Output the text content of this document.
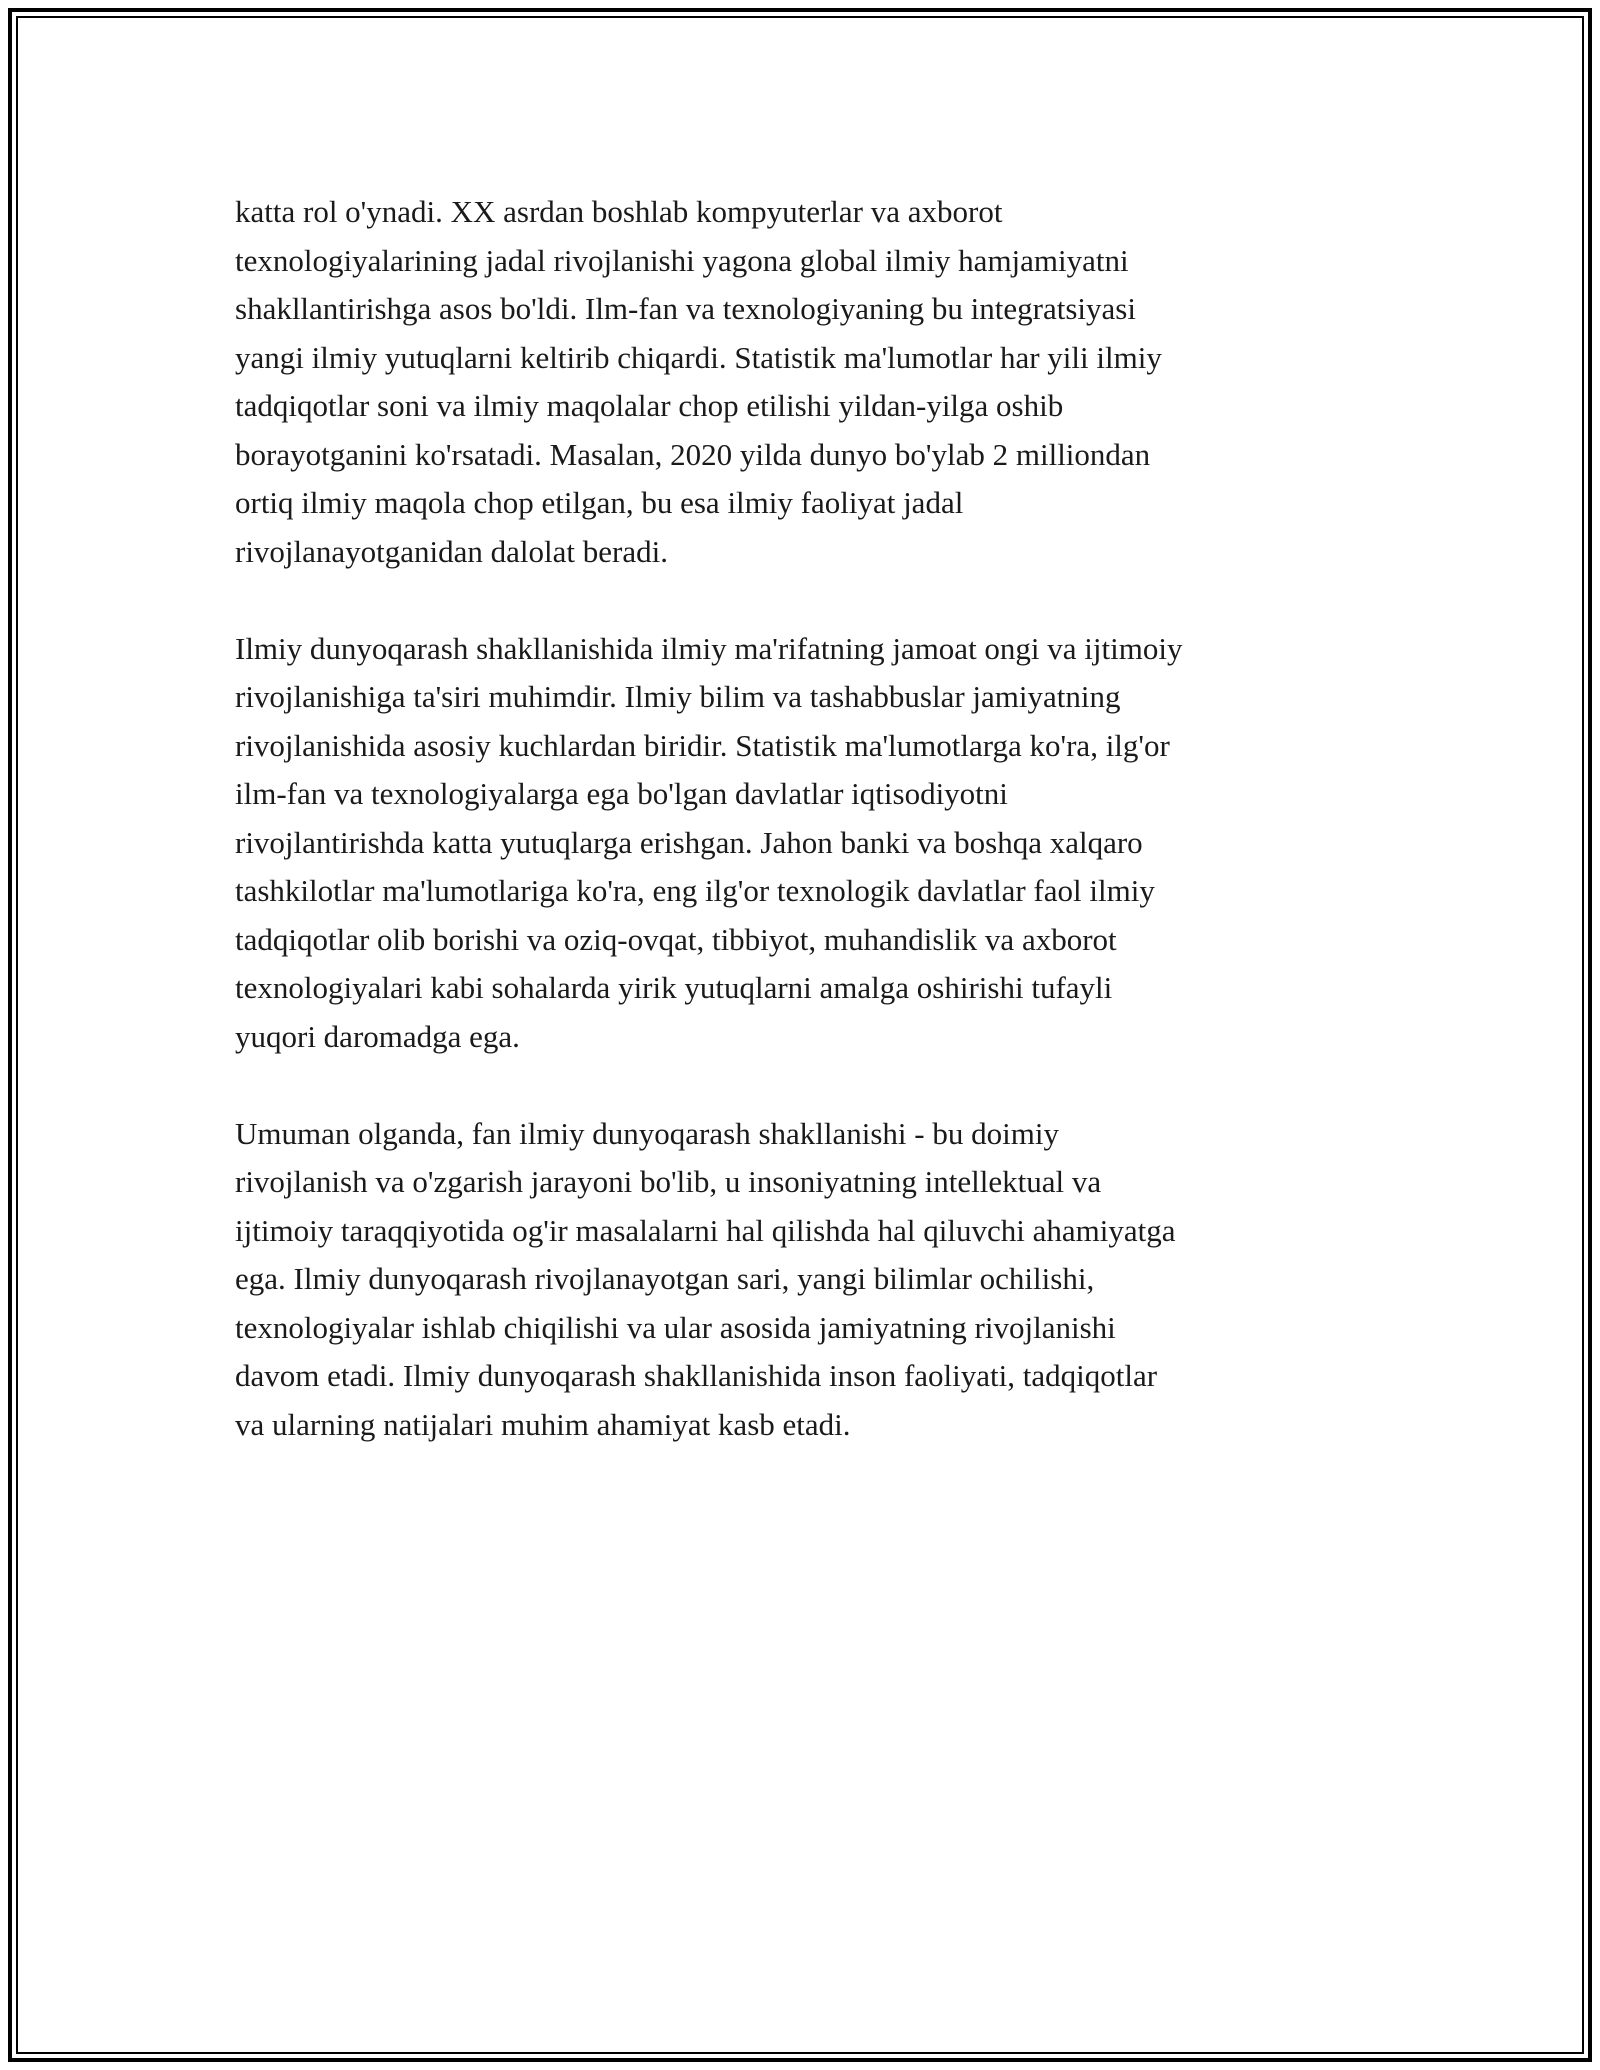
katta rol o'ynadi. XX asrdan boshlab kompyuterlar va axborot
texnologiyalarining jadal rivojlanishi yagona global ilmiy hamjamiyatni
shakllantirishga asos bo'ldi. Ilm-fan va texnologiyaning bu integratsiyasi
yangi ilmiy yutuqlarni keltirib chiqardi. Statistik ma'lumotlar har yili ilmiy
tadqiqotlar soni va ilmiy maqolalar chop etilishi yildan-yilga oshib
borayotganini ko'rsatadi. Masalan, 2020 yilda dunyo bo'ylab 2 milliondan
ortiq ilmiy maqola chop etilgan, bu esa ilmiy faoliyat jadal
rivojlanayotganidan dalolat beradi.
Ilmiy dunyoqarash shakllanishida ilmiy ma'rifatning jamoat ongi va ijtimoiy
rivojlanishiga ta'siri muhimdir. Ilmiy bilim va tashabbuslar jamiyatning
rivojlanishida asosiy kuchlardan biridir. Statistik ma'lumotlarga ko'ra, ilg'or
ilm-fan va texnologiyalarga ega bo'lgan davlatlar iqtisodiyotni
rivojlantirishda katta yutuqlarga erishgan. Jahon banki va boshqa xalqaro
tashkilotlar ma'lumotlariga ko'ra, eng ilg'or texnologik davlatlar faol ilmiy
tadqiqotlar olib borishi va oziq-ovqat, tibbiyot, muhandislik va axborot
texnologiyalari kabi sohalarda yirik yutuqlarni amalga oshirishi tufayli
yuqori daromadga ega.
Umuman olganda, fan ilmiy dunyoqarash shakllanishi - bu doimiy
rivojlanish va o'zgarish jarayoni bo'lib, u insoniyatning intellektual va
ijtimoiy taraqqiyotida og'ir masalalarni hal qilishda hal qiluvchi ahamiyatga
ega. Ilmiy dunyoqarash rivojlanayotgan sari, yangi bilimlar ochilishi,
texnologiyalar ishlab chiqilishi va ular asosida jamiyatning rivojlanishi
davom etadi. Ilmiy dunyoqarash shakllanishida inson faoliyati, tadqiqotlar
va ularning natijalari muhim ahamiyat kasb etadi.
